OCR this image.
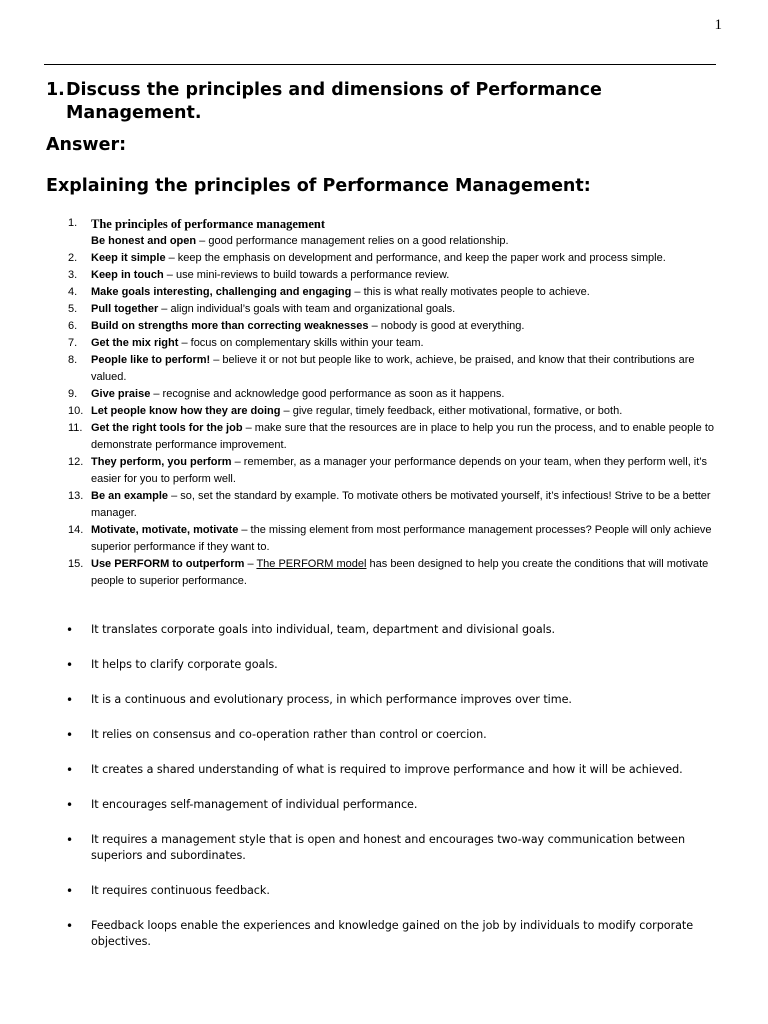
1
1. Discuss the principles and dimensions of Performance Management.
Answer:
Explaining the principles of Performance Management:
1. The principles of performance management
Be honest and open – good performance management relies on a good relationship.
2. Keep it simple – keep the emphasis on development and performance, and keep the paper work and process simple.
3. Keep in touch – use mini-reviews to build towards a performance review.
4. Make goals interesting, challenging and engaging – this is what really motivates people to achieve.
5. Pull together – align individual’s goals with team and organizational goals.
6. Build on strengths more than correcting weaknesses – nobody is good at everything.
7. Get the mix right – focus on complementary skills within your team.
8. People like to perform! – believe it or not but people like to work, achieve, be praised, and know that their contributions are valued.
9. Give praise – recognise and acknowledge good performance as soon as it happens.
10. Let people know how they are doing – give regular, timely feedback, either motivational, formative, or both.
11. Get the right tools for the job – make sure that the resources are in place to help you run the process, and to enable people to demonstrate performance improvement.
12. They perform, you perform – remember, as a manager your performance depends on your team, when they perform well, it’s easier for you to perform well.
13. Be an example – so, set the standard by example. To motivate others be motivated yourself, it’s infectious! Strive to be a better manager.
14. Motivate, motivate, motivate – the missing element from most performance management processes? People will only achieve superior performance if they want to.
15. Use PERFORM to outperform – The PERFORM model has been designed to help you create the conditions that will motivate people to superior performance.
• It translates corporate goals into individual, team, department and divisional goals.
• It helps to clarify corporate goals.
• It is a continuous and evolutionary process, in which performance improves over time.
• It relies on consensus and co-operation rather than control or coercion.
• It creates a shared understanding of what is required to improve performance and how it will be achieved.
• It encourages self-management of individual performance.
• It requires a management style that is open and honest and encourages two-way communication between superiors and subordinates.
• It requires continuous feedback.
• Feedback loops enable the experiences and knowledge gained on the job by individuals to modify corporate objectives.
